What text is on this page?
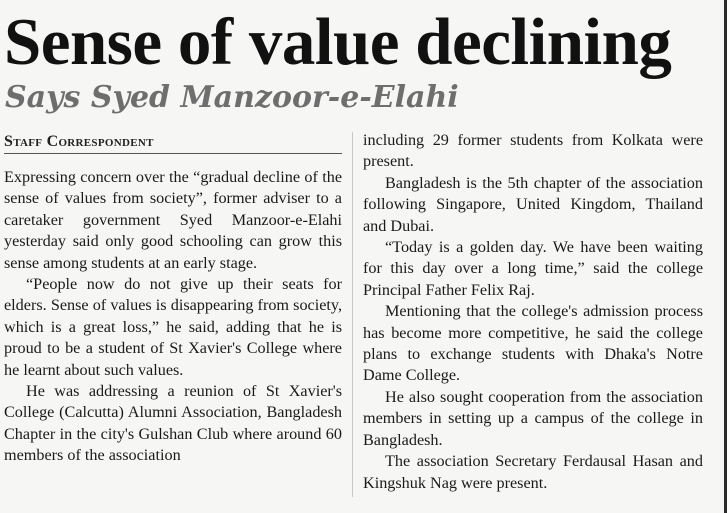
Sense of value declining
Says Syed Manzoor-e-Elahi
Staff Correspondent

Expressing concern over the “gradual decline of the sense of values from society”, former adviser to a caretaker government Syed Manzoor-e-Elahi yesterday said only good schooling can grow this sense among students at an early stage.

“People now do not give up their seats for elders. Sense of values is disappearing from society, which is a great loss,” he said, adding that he is proud to be a student of St Xavier's College where he learnt about such values.

He was addressing a reunion of St Xavier's College (Calcutta) Alumni Association, Bangladesh Chapter in the city's Gulshan Club where around 60 members of the association

including 29 former students from Kolkata were present.

Bangladesh is the 5th chapter of the association following Singapore, United Kingdom, Thailand and Dubai.

“Today is a golden day. We have been waiting for this day over a long time,” said the college Principal Father Felix Raj.

Mentioning that the college's admission process has become more competitive, he said the college plans to exchange students with Dhaka's Notre Dame College.

He also sought cooperation from the association members in setting up a campus of the college in Bangladesh.

The association Secretary Ferdausal Hasan and Kingshuk Nag were present.
